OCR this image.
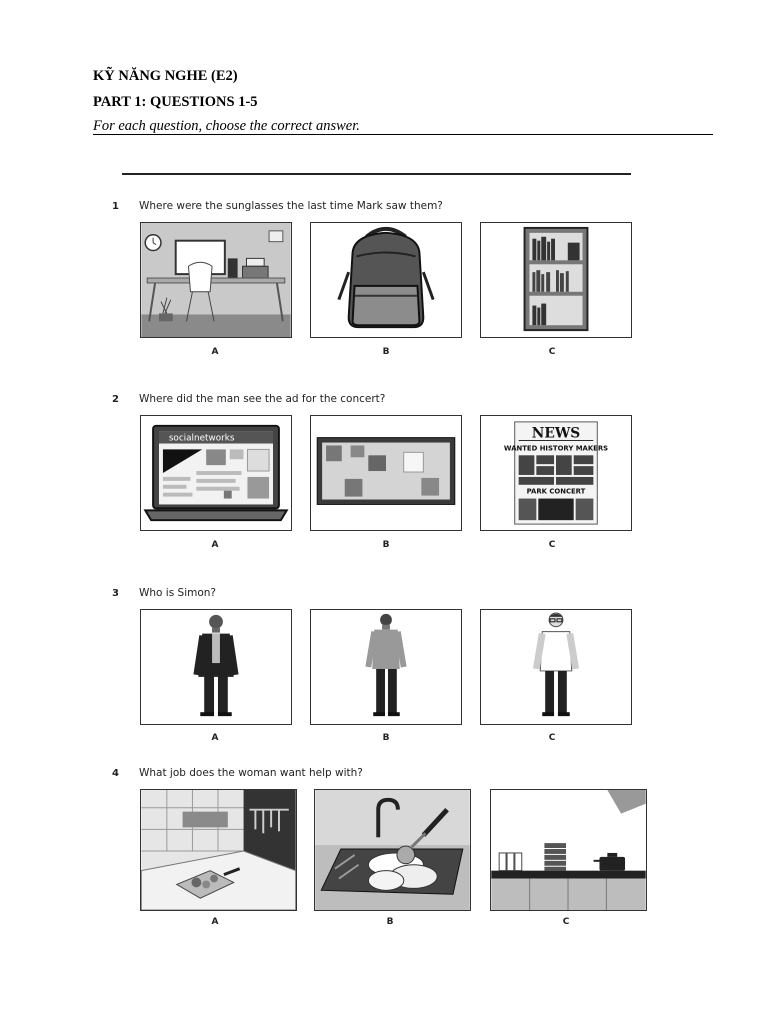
KỸ NĂNG NGHE (E2)
PART 1: QUESTIONS 1-5
For each question, choose the correct answer.
1 Where were the sunglasses the last time Mark saw them?
A	B	C
2 Where did the man see the ad for the concert?
socialnetworks	NEWS
WANTED HISTORY MAKERS
PARK CONCERT
A	B	C
3 Who is Simon?
A	B	C
4 What job does the woman want help with?
A	B	C
